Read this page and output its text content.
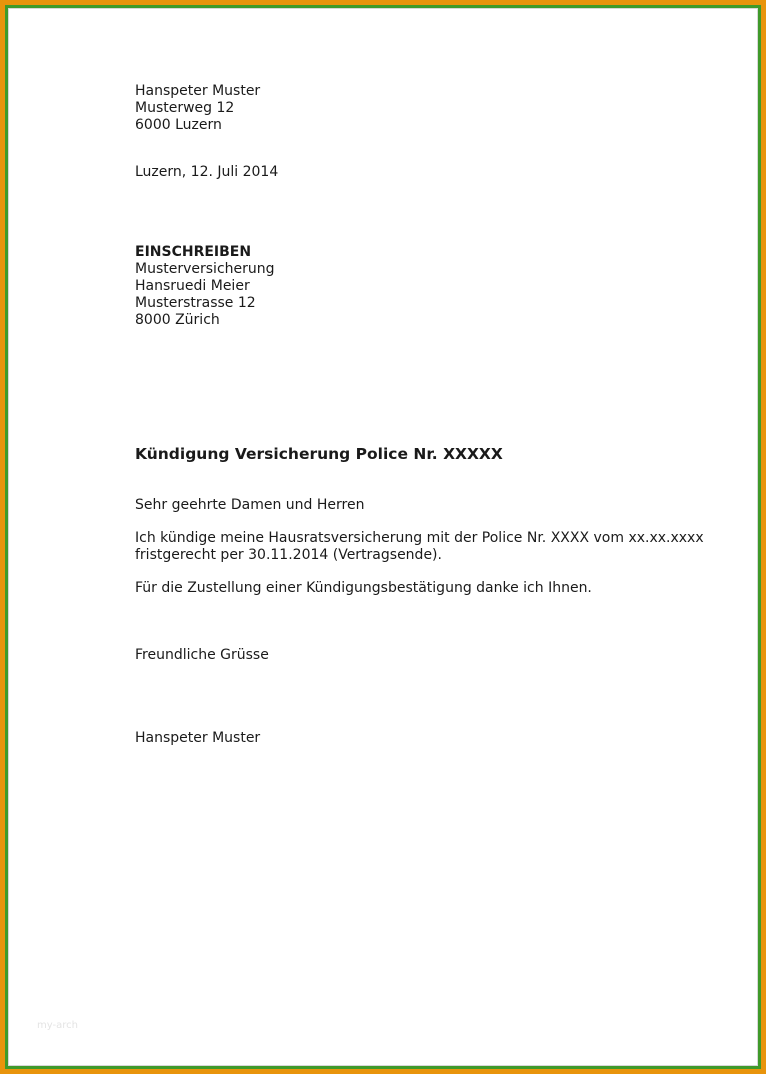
Hanspeter Muster
Musterweg 12
6000 Luzern
Luzern, 12. Juli 2014
EINSCHREIBEN
Musterversicherung
Hansruedi Meier
Musterstrasse 12
8000 Zürich
Kündigung Versicherung Police Nr. XXXXX
Sehr geehrte Damen und Herren
Ich kündige meine Hausratsversicherung mit der Police Nr. XXXX vom xx.xx.xxxx
fristgerecht per 30.11.2014 (Vertragsende).
Für die Zustellung einer Kündigungsbestätigung danke ich Ihnen.
Freundliche Grüsse
Hanspeter Muster
my-arch
